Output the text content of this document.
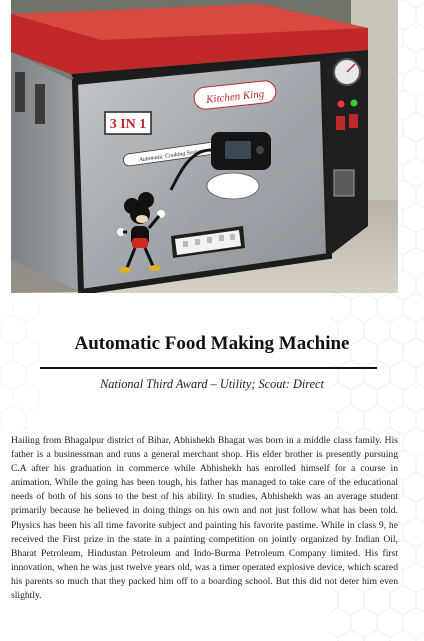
3 IN 1
Kitchen King
Automatic Cooking System
Automatic Food Making Machine

National Third Award – Utility; Scout: Direct

Hailing from Bhagalpur district of Bihar, Abhishekh Bhagat was born in a middle class family. His father is a businessman and runs a general merchant shop. His elder brother is presently pursuing C.A after his graduation in commerce while Abhishekh has enrolled himself for a course in animation. While the going has been tough, his father has managed to take care of the educational needs of both of his sons to the best of his ability. In studies, Abhishekh was an average student primarily because he believed in doing things on his own and not just follow what has been told. Physics has been his all time favorite subject and painting his favorite pastime. While in class 9, he received the First prize in the state in a painting competition on jointly organized by Indian Oil, Bharat Petroleum, Hindustan Petroleum and Indo-Burma Petroleum Company limited. His first innovation, when he was just twelve years old, was a timer operated explosive device, which scared his parents so much that they packed him off to a boarding school. But this did not deter him even slightly.
